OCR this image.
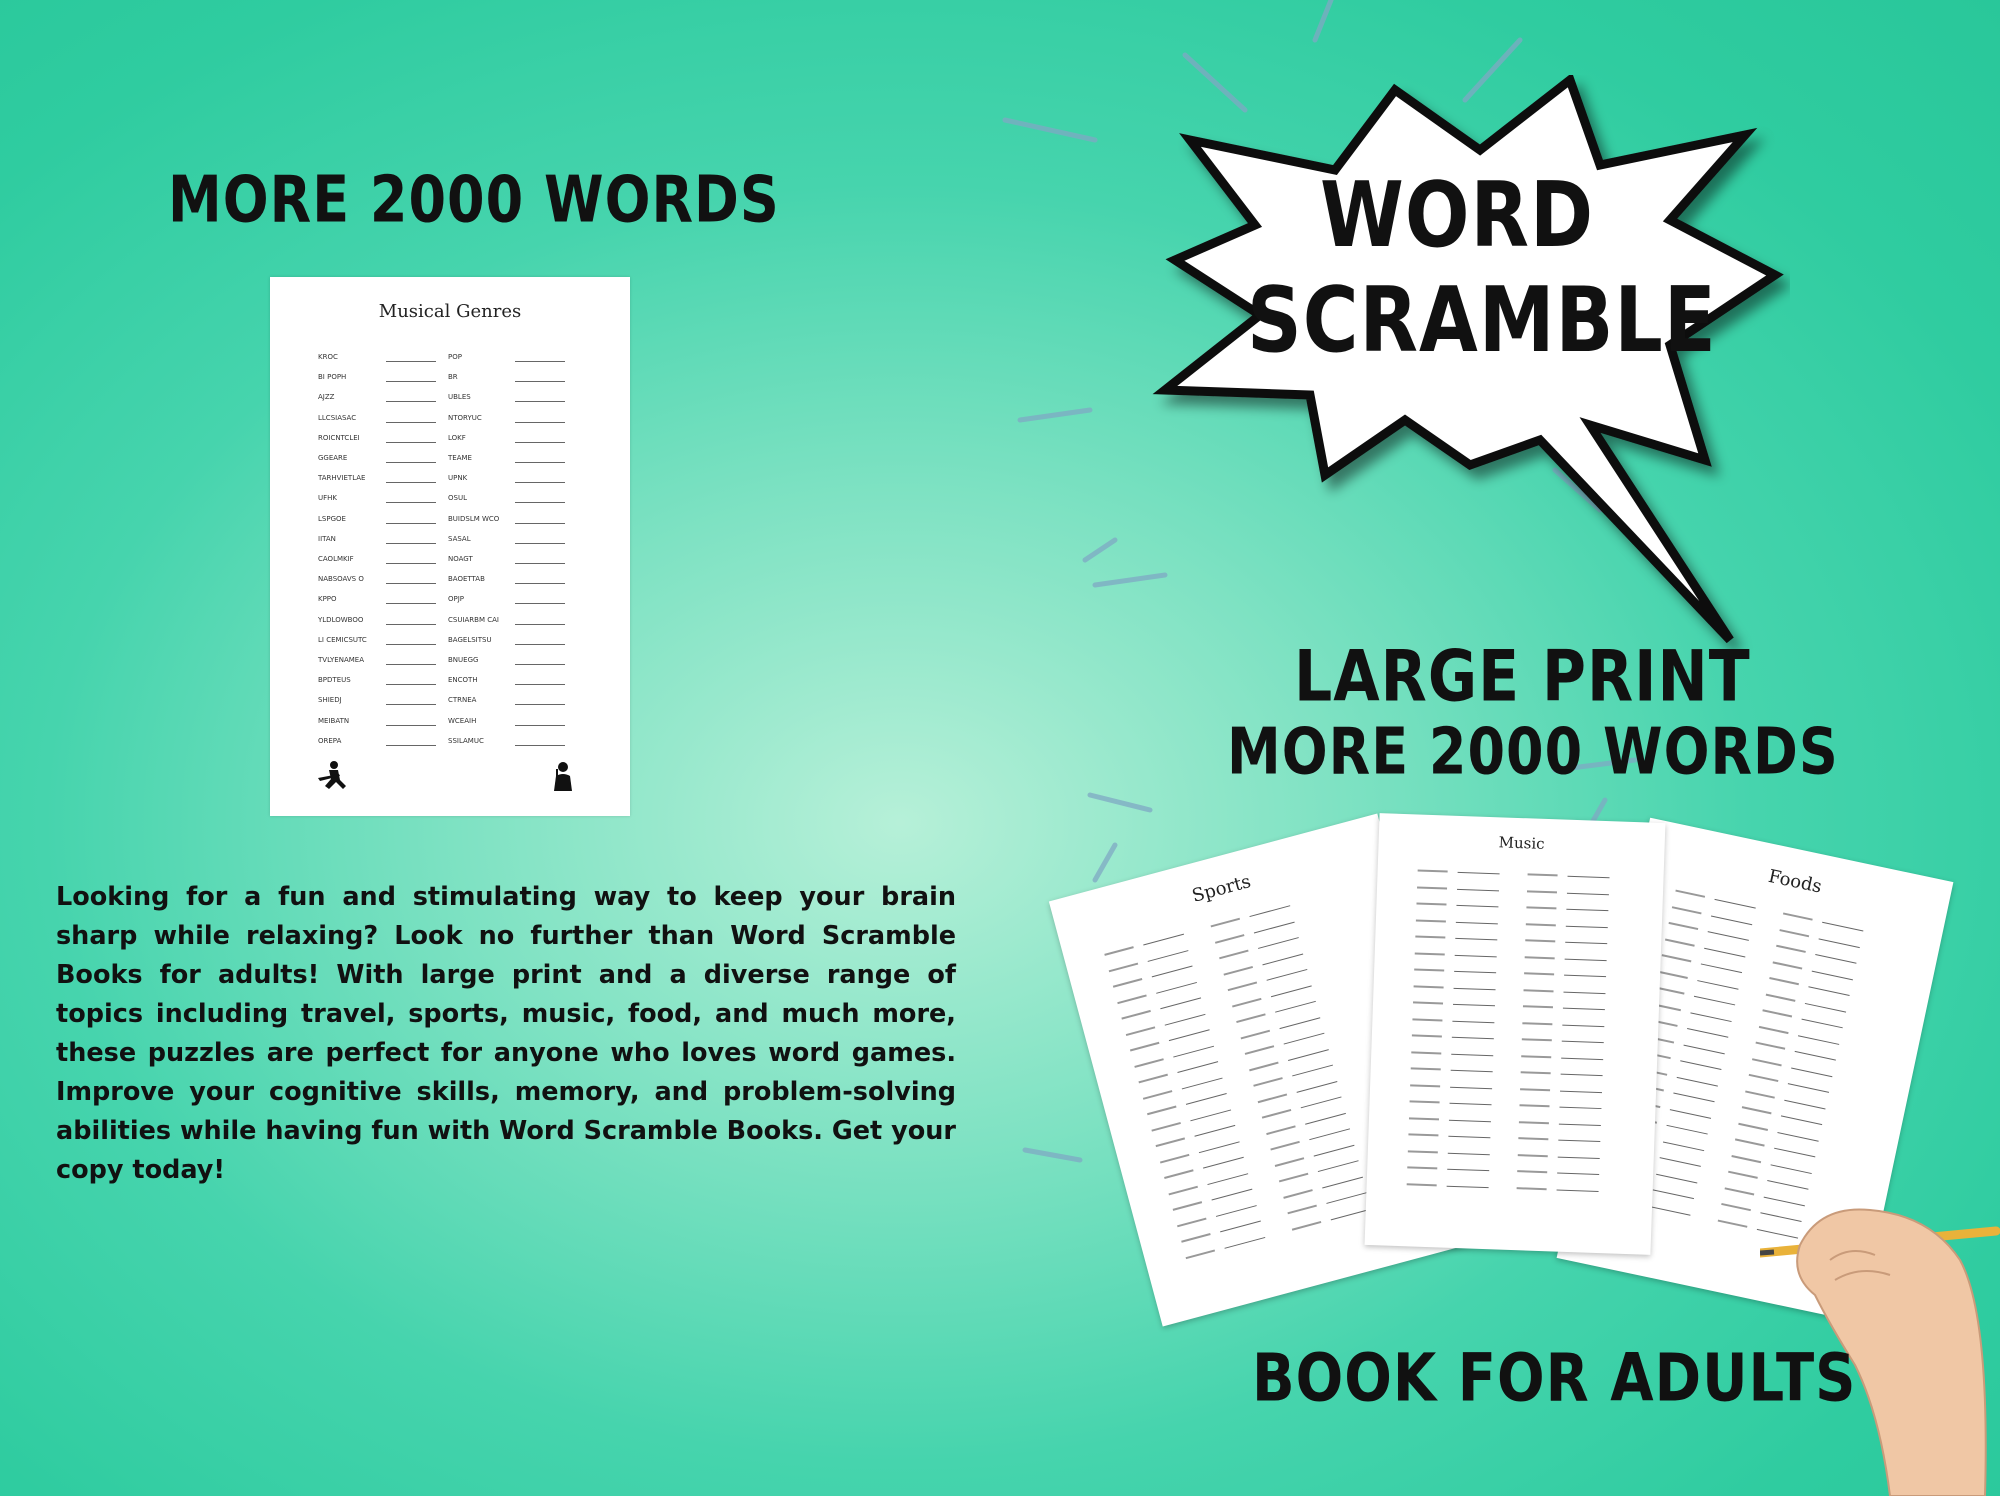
MORE 2000 WORDS
Musical Genres
KROC	POP
BI POPH	BR
AJZZ	UBLES
LLCSIASAC	NTORYUC
ROICNTCLEI	LOKF
GGEARE	TEAME
TARHVIETLAE	UPNK
UFHK	OSUL
LSPGOE	BUIDSLM WCO
IITAN	SASAL
CAOLMKIF	NOAGT
NABSOAVS O	BAOETTAB
KPPO	OPJP
YLDLOWBOO	CSUIARBM CAI
LI CEMICSUTC	BAGELSITSU
TVLYENAMEA	BNUEGG
BPDTEUS	ENCOTH
SHIEDJ	CTRNEA
MEIBATN	WCEAIH
OREPA	SSILAMUC
Looking for a fun and stimulating way to keep your brain sharp while relaxing? Look no further than Word Scramble Books for adults! With large print and a diverse range of topics including travel, sports, music, food, and much more, these puzzles are perfect for anyone who loves word games. Improve your cognitive skills, memory, and problem-solving abilities while having fun with Word Scramble Books. Get your copy today!
WORD
SCRAMBLE
LARGE PRINT
MORE 2000 WORDS
Sports	Foods
Music
BOOK FOR ADULTS
